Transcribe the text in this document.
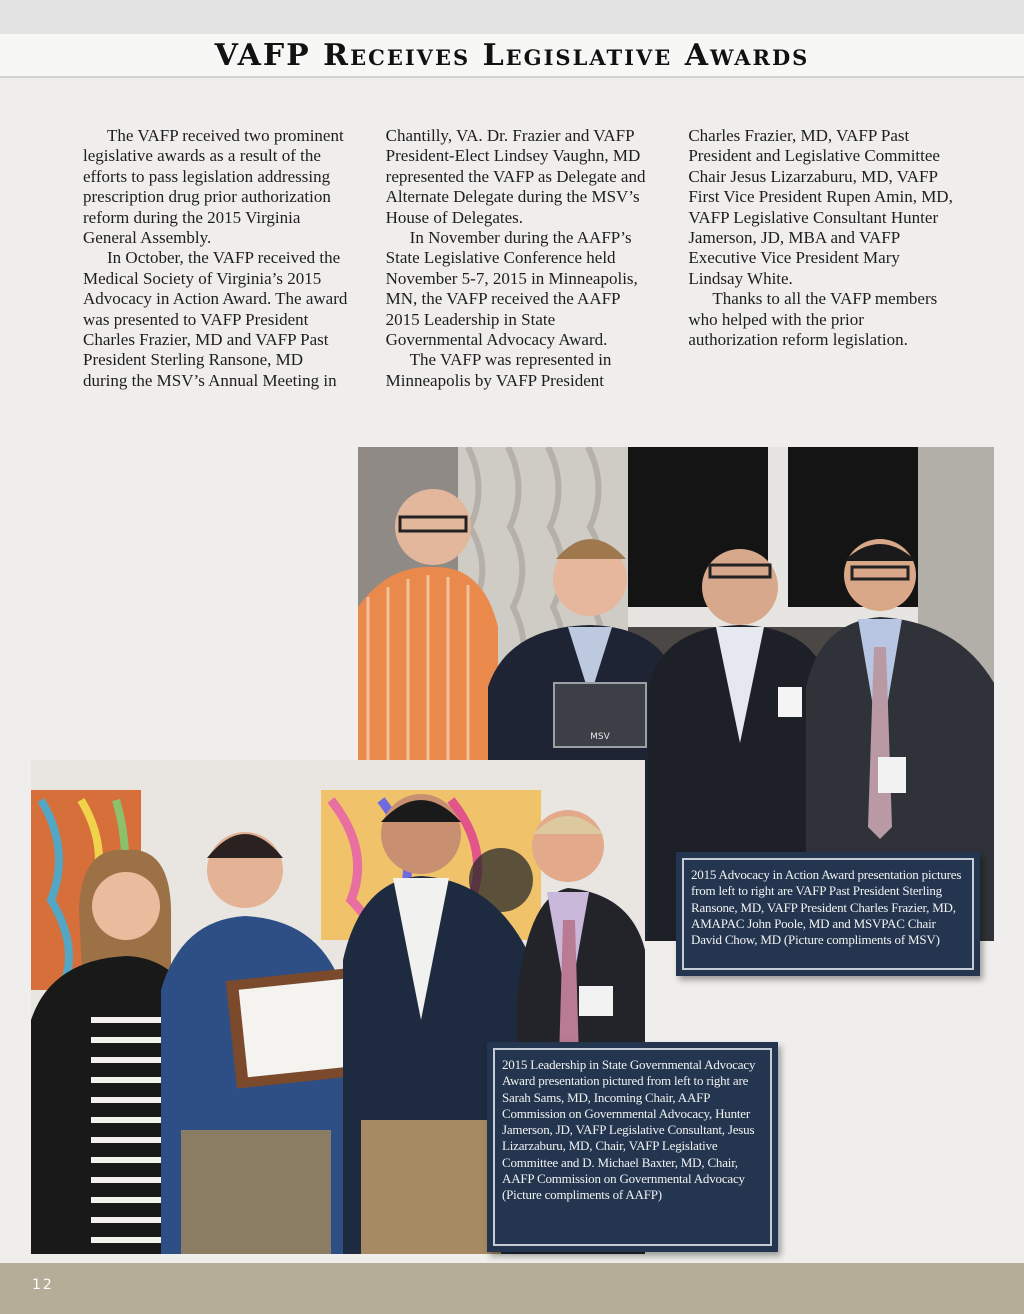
VAFP Receives Legislative Awards

The VAFP received two prominent legislative awards as a result of the efforts to pass legislation addressing prescription drug prior authorization reform during the 2015 Virginia General Assembly.

In October, the VAFP received the Medical Society of Virginia’s 2015 Advocacy in Action Award. The award was presented to VAFP President Charles Frazier, MD and VAFP Past President Sterling Ransone, MD during the MSV’s Annual Meeting in Chantilly, VA. Dr. Frazier and VAFP President-Elect Lindsey Vaughn, MD represented the VAFP as Delegate and Alternate Delegate during the MSV’s House of Delegates.

In November during the AAFP’s State Legislative Conference held November 5-7, 2015 in Minneapolis, MN, the VAFP received the AAFP 2015 Leadership in State Governmental Advocacy Award.

The VAFP was represented in Minneapolis by VAFP President Charles Frazier, MD, VAFP Past President and Legislative Committee Chair Jesus Lizarzaburu, MD, VAFP First Vice President Rupen Amin, MD, VAFP Legislative Consultant Hunter Jamerson, JD, MBA and VAFP Executive Vice President Mary Lindsay White.

Thanks to all the VAFP members who helped with the prior authorization reform legislation.

MSV
2015 Advocacy in Action Award presentation pictures from left to right are VAFP Past President Sterling Ransone, MD, VAFP President Charles Frazier, MD, AMAPAC John Poole, MD and MSVPAC Chair David Chow, MD (Picture compliments of MSV)
2015 Leadership in State Governmental Advocacy Award presentation pictured from left to right are Sarah Sams, MD, Incoming Chair, AAFP Commission on Governmental Advocacy, Hunter Jamerson, JD, VAFP Legislative Consultant, Jesus Lizarzaburu, MD, Chair, VAFP Legislative Committee and D. Michael Baxter, MD, Chair, AAFP Commission on Governmental Advocacy (Picture compliments of AAFP)
12
